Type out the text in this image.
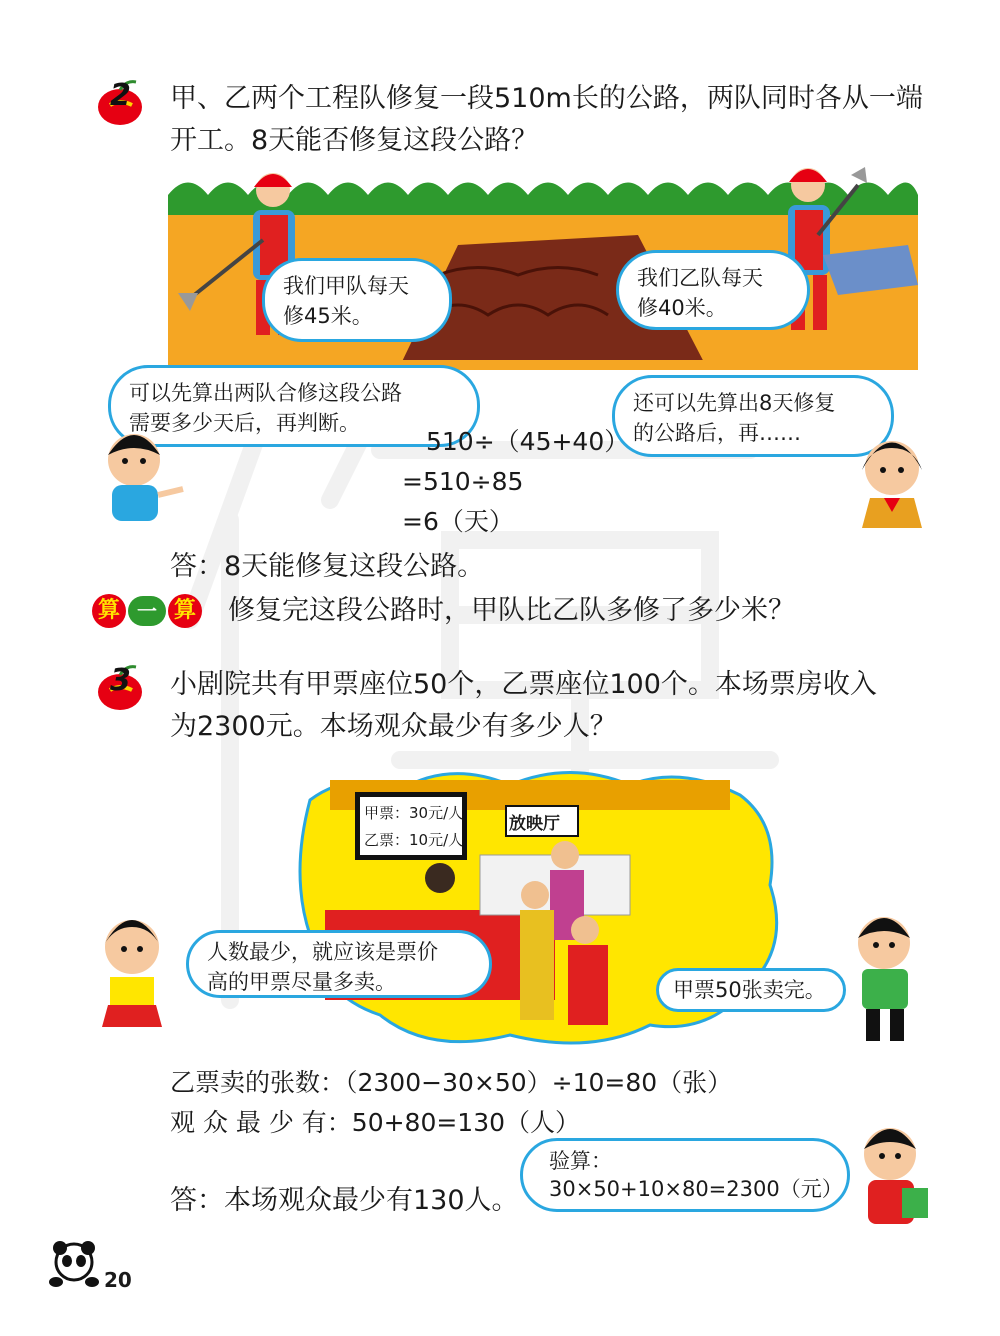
2 甲、乙两个工程队修复一段510m长的公路，两队同时各从一端
开工。8天能否修复这段公路？
我们甲队每天
修45米。
我们乙队每天
修40米。
可以先算出两队合修这段公路
需要多少天后，再判断。
还可以先算出8天修复
的公路后，再……
510÷（45+40）
=510÷85
=6（天）
答：8天能修复这段公路。
算 一 算 修复完这段公路时，甲队比乙队多修了多少米？
3 小剧院共有甲票座位50个，乙票座位100个。本场票房收入
为2300元。本场观众最少有多少人？
甲票：30元/人
乙票：10元/人
放映厅
人数最少，就应该是票价
高的甲票尽量多卖。	甲票50张卖完。
乙票卖的张数：（2300−30×50）÷10=80（张）
观 众 最 少 有：50+80=130（人）
验算：
30×50+10×80=2300（元）
答：本场观众最少有130人。
20
